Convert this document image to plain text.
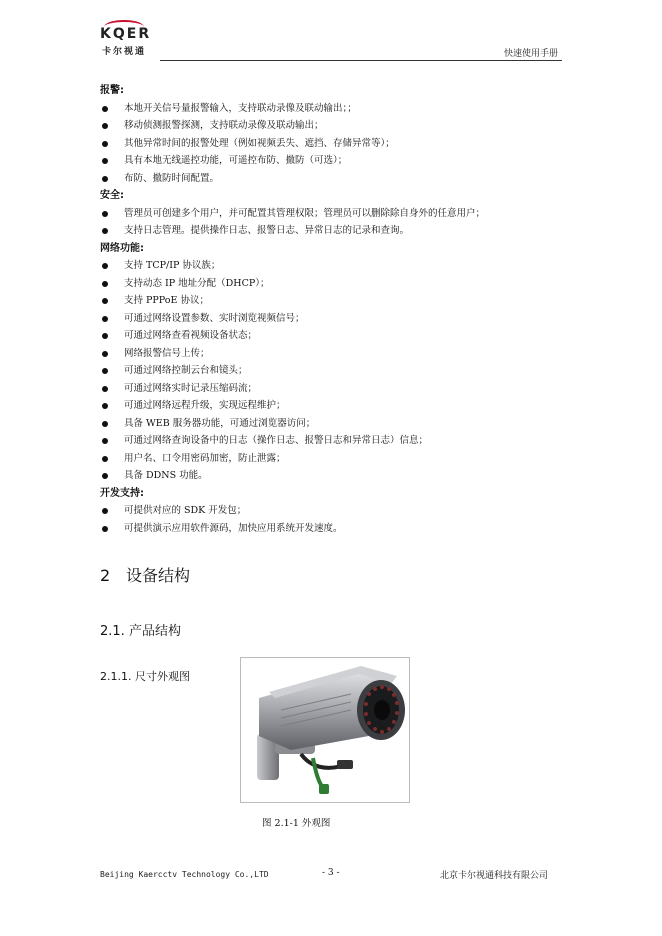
KQER
卡尔视通	快速使用手册
报警:
本地开关信号量报警输入，支持联动录像及联动输出；；
移动侦测报警探测，支持联动录像及联动输出；
其他异常时间的报警处理（例如视频丢失、遮挡、存储异常等）；
具有本地无线遥控功能，可遥控布防、撤防（可选）；
布防、撤防时间配置。
安全:
管理员可创建多个用户，并可配置其管理权限；管理员可以删除除自身外的任意用户；
支持日志管理。提供操作日志、报警日志、异常日志的记录和查询。
网络功能:
支持 TCP/IP 协议族；
支持动态 IP 地址分配（DHCP）；
支持 PPPoE 协议；
可通过网络设置参数、实时浏览视频信号；
可通过网络查看视频设备状态；
网络报警信号上传；
可通过网络控制云台和镜头；
可通过网络实时记录压缩码流；
可通过网络远程升级，实现远程维护；
具备 WEB 服务器功能，可通过浏览器访问；
可通过网络查询设备中的日志（操作日志、报警日志和异常日志）信息；
用户名、口令用密码加密，防止泄露；
具备 DDNS 功能。
开发支持:
可提供对应的 SDK 开发包；
可提供演示应用软件源码，加快应用系统开发速度。
2 设备结构
2.1. 产品结构
2.1.1. 尺寸外观图
图 2.1-1 外观图
Beijing Kaercctv Technology Co.,LTD	- 3 -	北京卡尔视通科技有限公司
